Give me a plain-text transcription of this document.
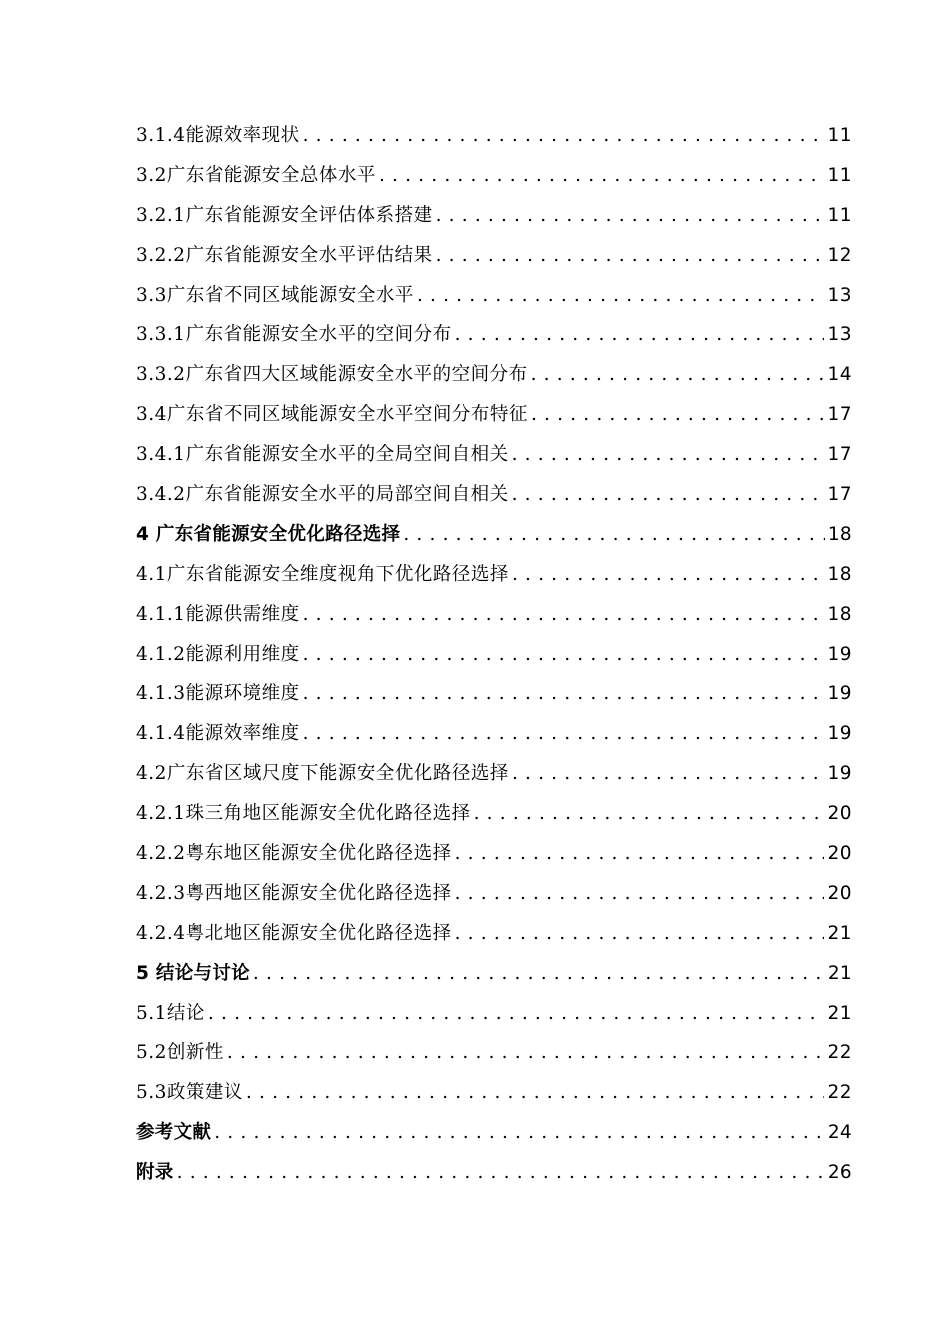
3.1.4能源效率现状 .....	11
3.2广东省能源安全总体水平 .....	11
3.2.1广东省能源安全评估体系搭建 .....	11
3.2.2广东省能源安全水平评估结果 .....	12
3.3广东省不同区域能源安全水平 .....	13
3.3.1广东省能源安全水平的空间分布 .....	13
3.3.2广东省四大区域能源安全水平的空间分布 .....	14
3.4广东省不同区域能源安全水平空间分布特征 .....	17
3.4.1广东省能源安全水平的全局空间自相关 .....	17
3.4.2广东省能源安全水平的局部空间自相关 .....	17
4 广东省能源安全优化路径选择 .....	18
4.1广东省能源安全维度视角下优化路径选择 .....	18
4.1.1能源供需维度 .....	18
4.1.2能源利用维度 .....	19
4.1.3能源环境维度 .....	19
4.1.4能源效率维度 .....	19
4.2广东省区域尺度下能源安全优化路径选择 .....	19
4.2.1珠三角地区能源安全优化路径选择 .....	20
4.2.2粤东地区能源安全优化路径选择 .....	20
4.2.3粤西地区能源安全优化路径选择 .....	20
4.2.4粤北地区能源安全优化路径选择 .....	21
5 结论与讨论 .....	21
5.1结论 .....	21
5.2创新性 .....	22
5.3政策建议 .....	22
参考文献 .....	24
附录 .....	26
